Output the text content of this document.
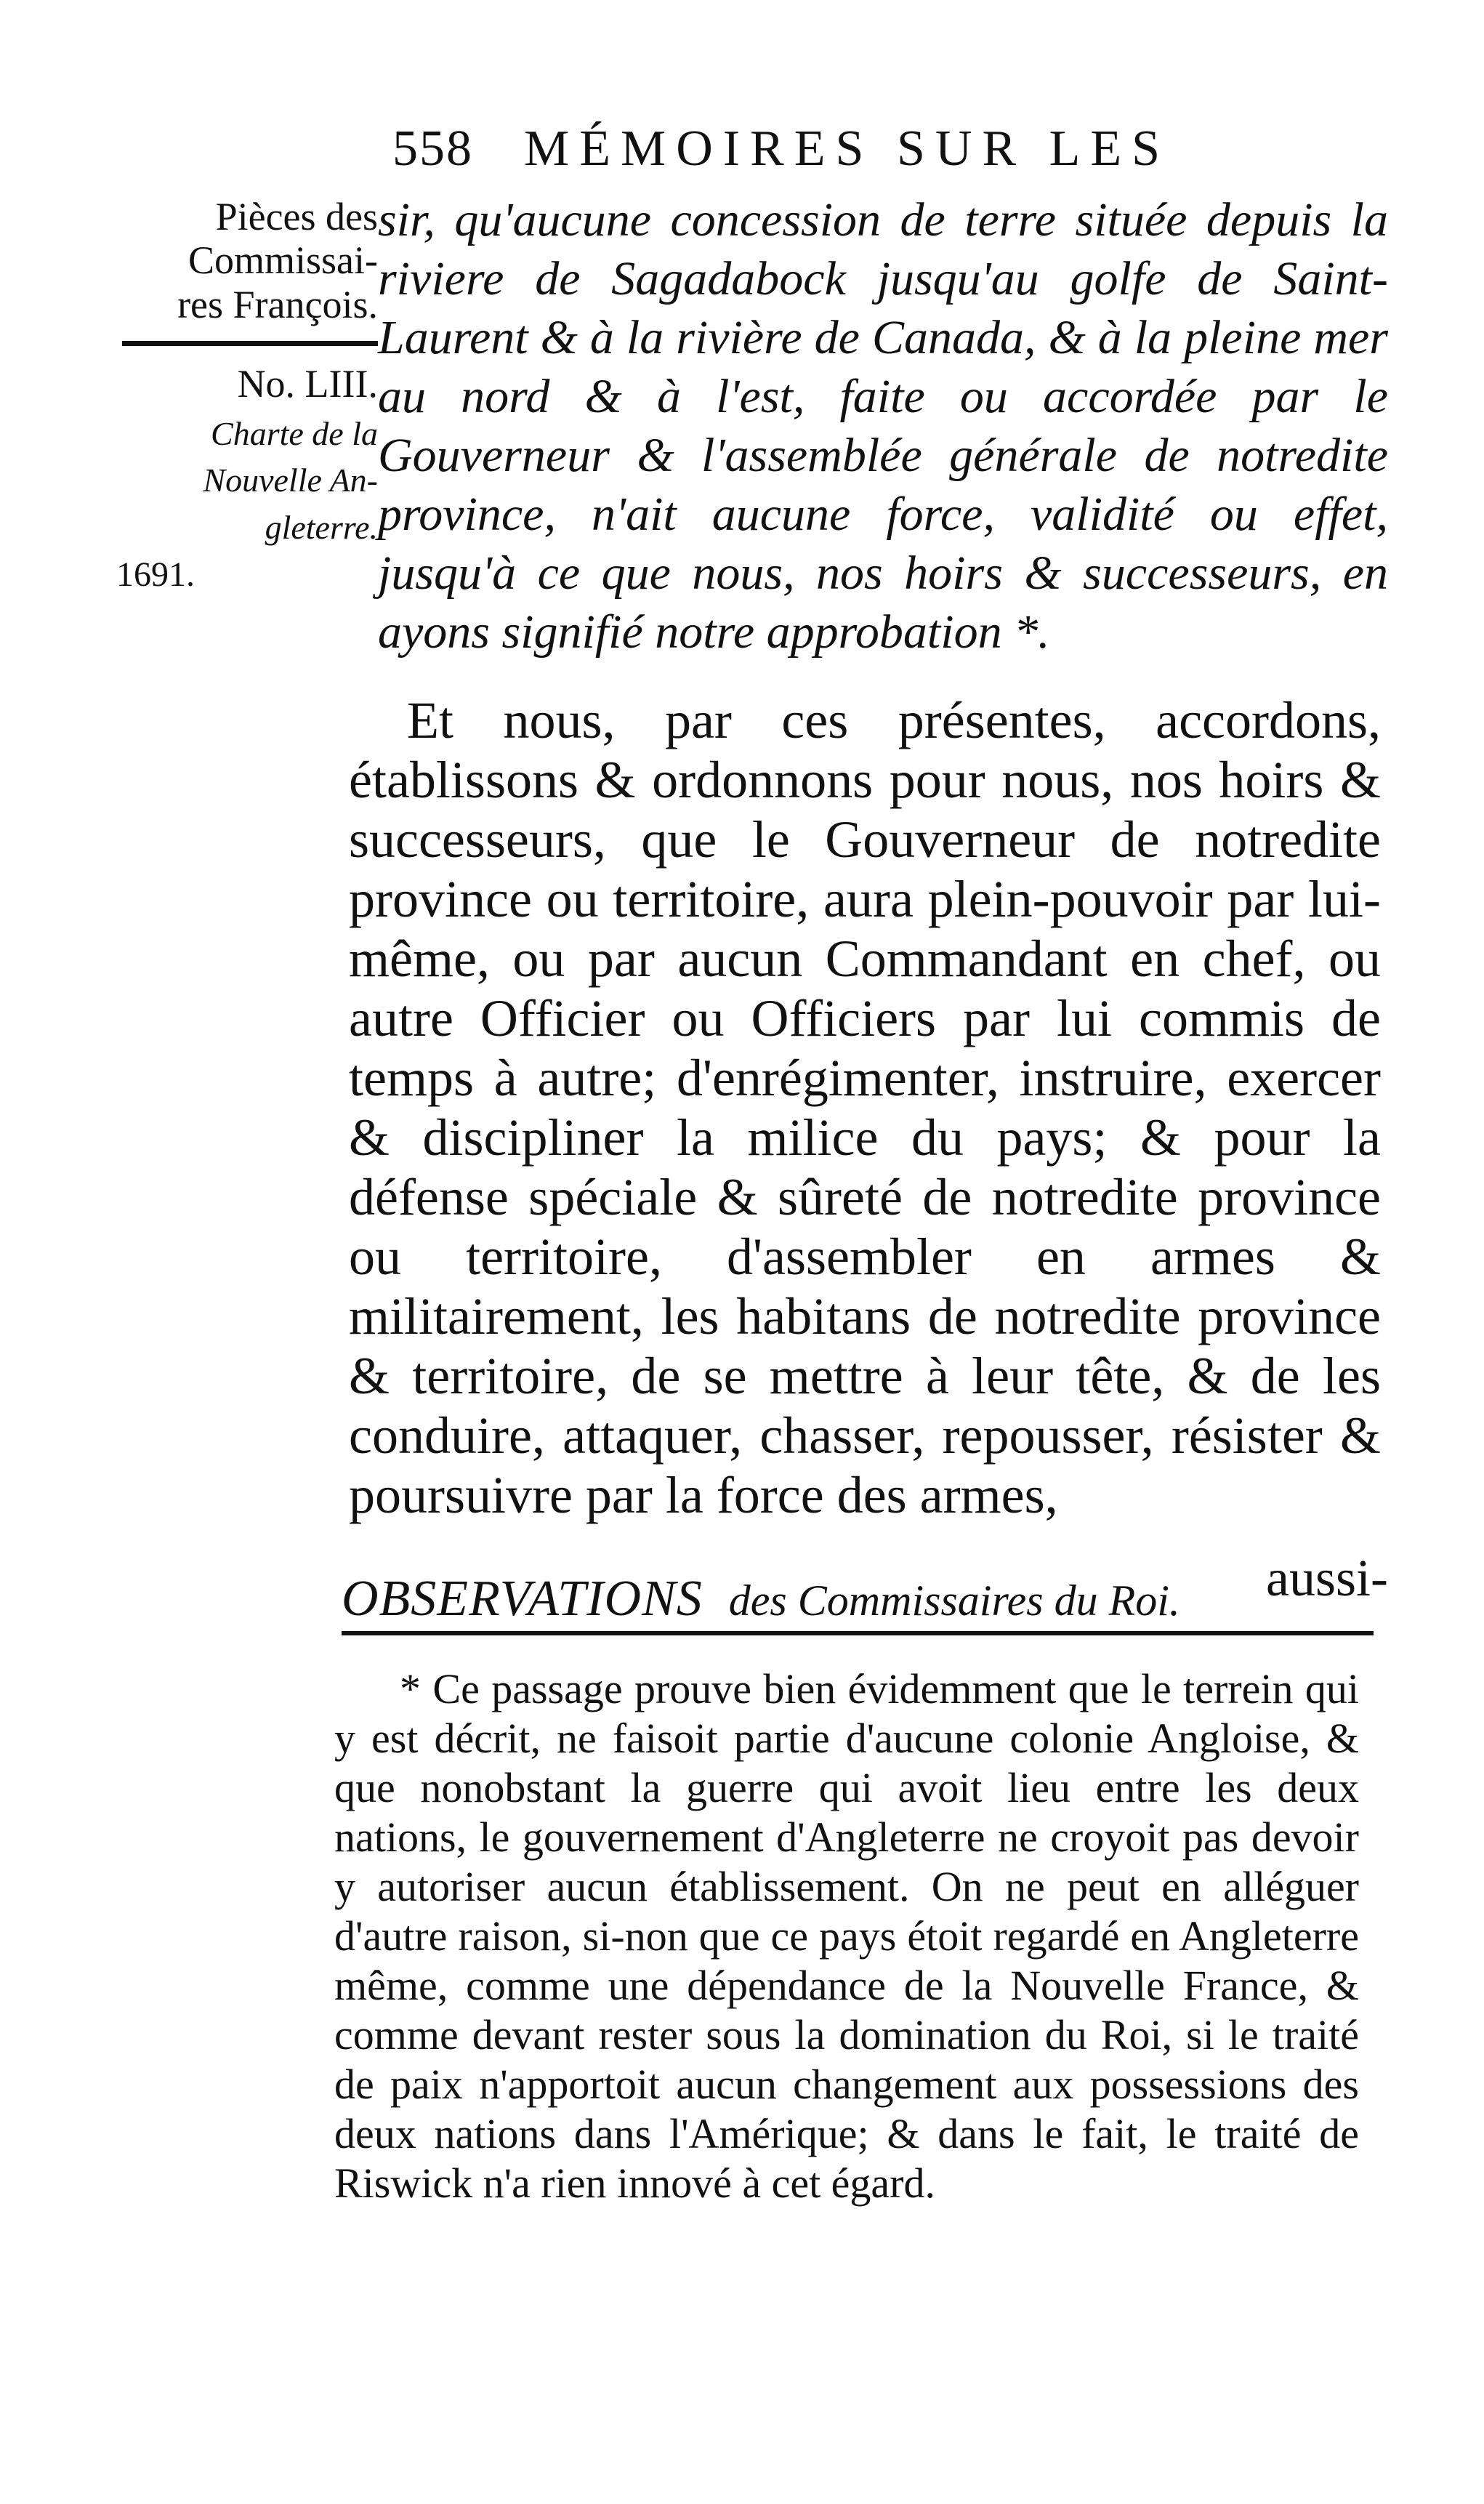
558 MÉMOIRES SUR LES
Pièces des
Commissai-
res François.
No. LIII.
Charte de la
Nouvelle An-
gleterre.
1691.
sir, qu'aucune concession de terre située depuis la riviere de Sagadabock jusqu'au golfe de Saint-Laurent & à la rivière de Canada, & à la pleine mer au nord & à l'est, faite ou accordée par le Gouverneur & l'assemblée générale de notredite province, n'ait aucune force, validité ou effet, jusqu'à ce que nous, nos hoirs & successeurs, en ayons signifié notre approbation *.
Et nous, par ces présentes, accordons, établissons & ordonnons pour nous, nos hoirs & successeurs, que le Gouverneur de notredite province ou territoire, aura plein-pouvoir par lui-même, ou par aucun Commandant en chef, ou autre Officier ou Officiers par lui commis de temps à autre; d'enrégimenter, instruire, exercer & discipliner la milice du pays; & pour la défense spéciale & sûreté de notredite province ou territoire, d'assembler en armes & militairement, les habitans de notredite province & territoire, de se mettre à leur tête, & de les conduire, attaquer, chasser, repousser, résister & poursuivre par la force des armes,
aussi-
OBSERVATIONS des Commissaires du Roi.
* Ce passage prouve bien évidemment que le terrein qui y est décrit, ne faisoit partie d'aucune colonie Angloise, & que nonobstant la guerre qui avoit lieu entre les deux nations, le gouvernement d'Angleterre ne croyoit pas devoir y autoriser aucun établissement. On ne peut en alléguer d'autre raison, si-non que ce pays étoit regardé en Angleterre même, comme une dépendance de la Nouvelle France, & comme devant rester sous la domination du Roi, si le traité de paix n'apportoit aucun changement aux possessions des deux nations dans l'Amérique; & dans le fait, le traité de Riswick n'a rien innové à cet égard.
